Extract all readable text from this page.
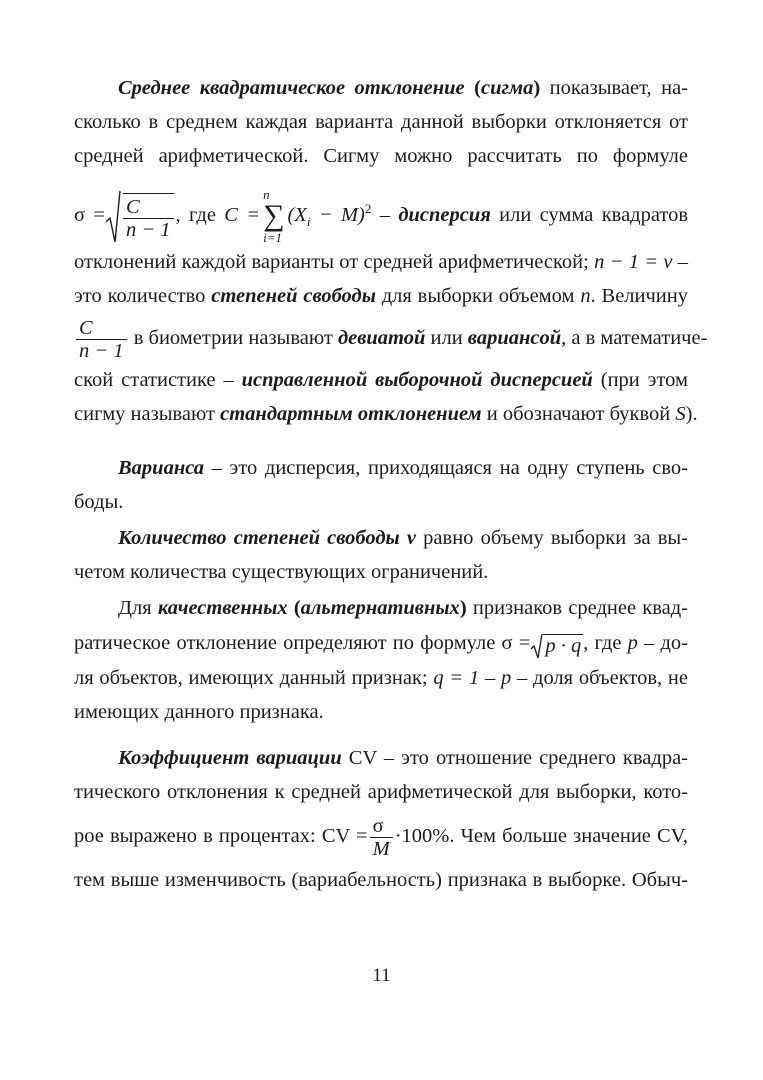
Среднее квадратическое отклонение (сигма) показывает, на-
сколько в среднем каждая варианта данной выборки отклоняется от
средней арифметической. Сигму можно рассчитать по формуле
$\sigma = \frac{C}{n - 1}$ , где C =
n
∑
i=1
$(X_i - M)^2$ – дисперсия или сумма квадратов
отклонений каждой варианты от средней арифметической; n − 1 = v –
это количество степеней свободы для выборки объемом n. Величину
$\frac{C}{n - 1}$ в биометрии называют девиатой или варианcой, а в математиче-
ской статистике – исправленной выборочной дисперсией (при этом
сигму называют стандартным отклонением и обозначают буквой S).
Варианса – это дисперсия, приходящаяся на одну ступень сво-
боды.
Количество степеней свободы v равно объему выборки за вы-
четом количества существующих ограничений.
Для качественных (альтернативных) признаков среднее квад-
ратическое отклонение определяют по формуле σ = p · q, где p – до-
ля объектов, имеющих данный признак; q = 1 – p – доля объектов, не
имеющих данного признака.
Коэффициент вариации CV – это отношение среднего квадра-
тического отклонения к средней арифметической для выборки, кото-
рое выражено в процентах: CV = $\frac{\sigma}{M} \cdot 100\%$. Чем больше значение CV,
тем выше изменчивость (вариабельность) признака в выборке. Обыч-
11
